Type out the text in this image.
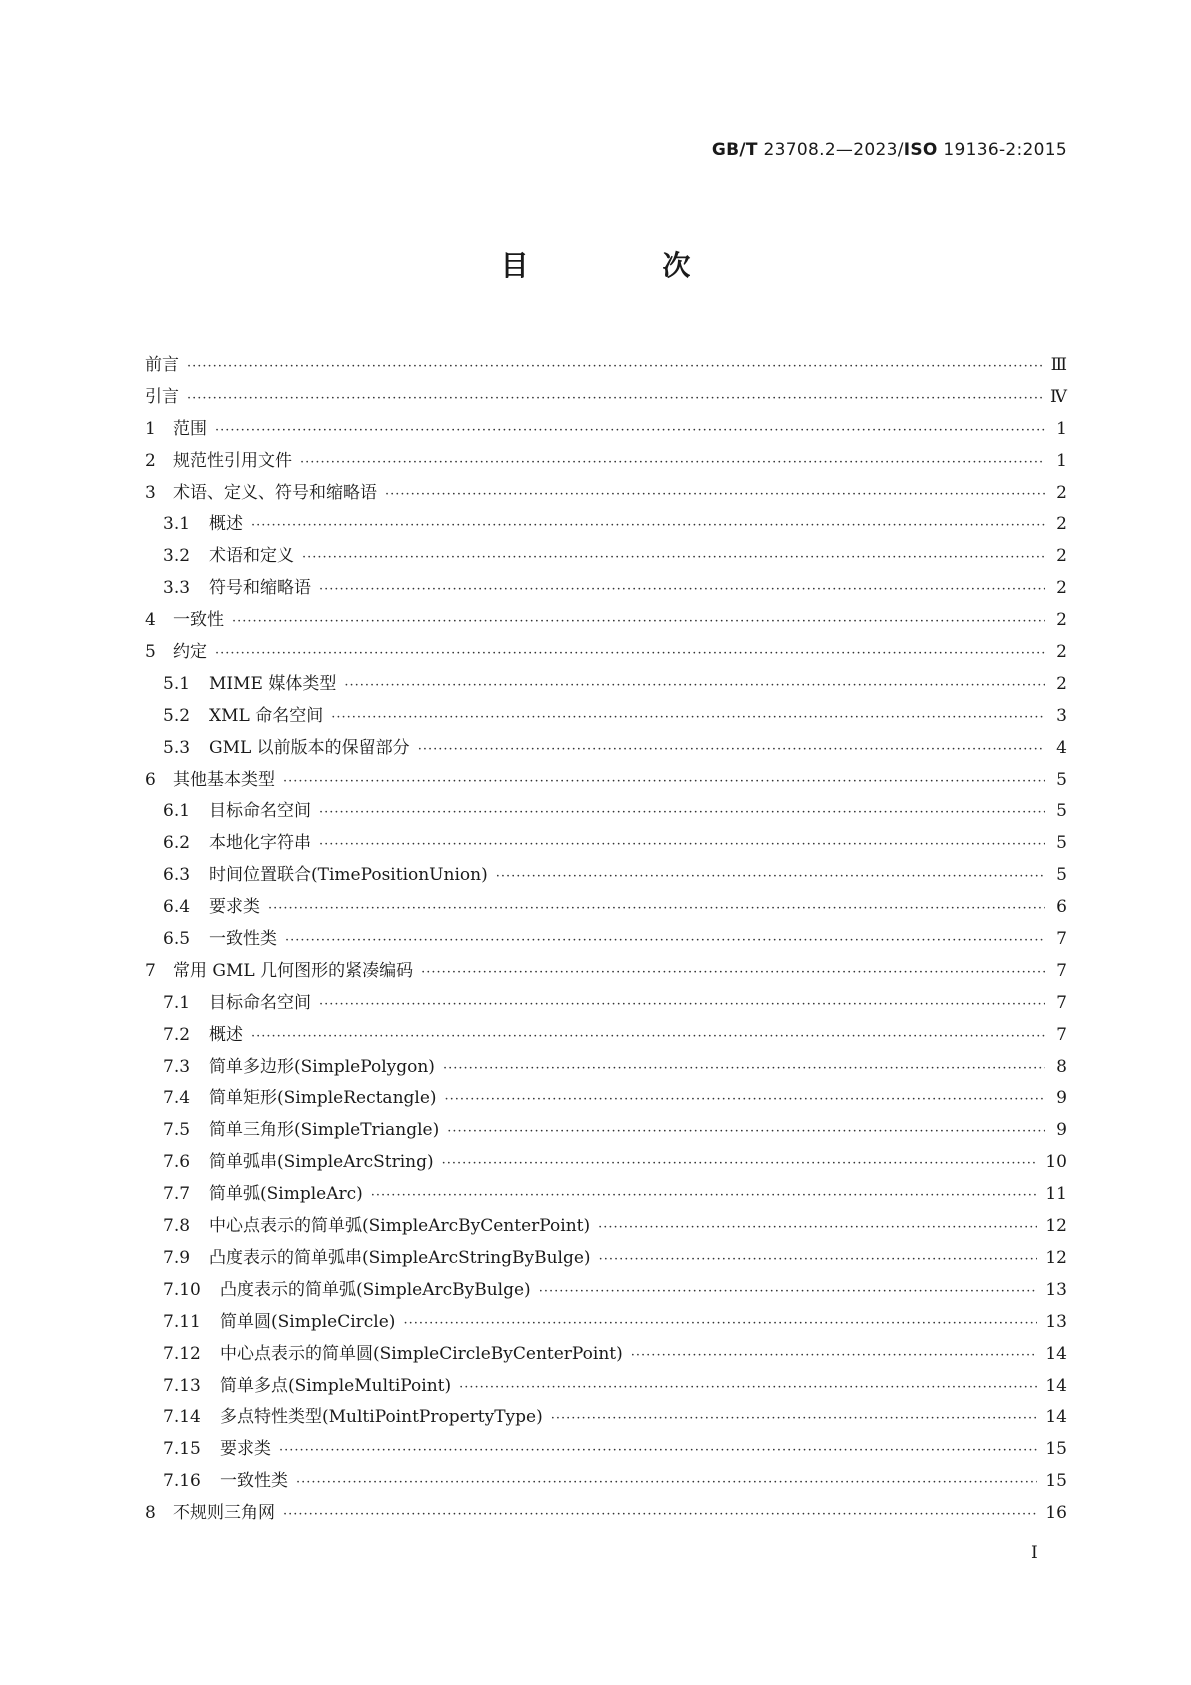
GB/T 23708.2—2023/ISO 19136-2:2015
目 次
前言 ·····	Ⅲ
引言 ·····	Ⅳ
1	范围 ·····	1
2	规范性引用文件 ·····	1
3	术语、定义、符号和缩略语 ·····	2
3.1	概述 ·····	2
3.2	术语和定义 ·····	2
3.3	符号和缩略语 ·····	2
4	一致性 ·····	2
5	约定 ·····	2
5.1	MIME 媒体类型 ·····	2
5.2	XML 命名空间 ·····	3
5.3	GML 以前版本的保留部分 ·····	4
6	其他基本类型 ·····	5
6.1	目标命名空间 ·····	5
6.2	本地化字符串 ·····	5
6.3	时间位置联合(TimePositionUnion) ·····	5
6.4	要求类 ·····	6
6.5	一致性类 ·····	7
7	常用 GML 几何图形的紧凑编码 ·····	7
7.1	目标命名空间 ·····	7
7.2	概述 ·····	7
7.3	简单多边形(SimplePolygon) ·····	8
7.4	简单矩形(SimpleRectangle) ·····	9
7.5	简单三角形(SimpleTriangle) ·····	9
7.6	简单弧串(SimpleArcString) ·····	10
7.7	简单弧(SimpleArc) ·····	11
7.8	中心点表示的简单弧(SimpleArcByCenterPoint) ·····	12
7.9	凸度表示的简单弧串(SimpleArcStringByBulge) ·····	12
7.10	凸度表示的简单弧(SimpleArcByBulge) ·····	13
7.11	简单圆(SimpleCircle) ·····	13
7.12	中心点表示的简单圆(SimpleCircleByCenterPoint) ·····	14
7.13	简单多点(SimpleMultiPoint) ·····	14
7.14	多点特性类型(MultiPointPropertyType) ·····	14
7.15	要求类 ·····	15
7.16	一致性类 ·····	15
8	不规则三角网 ·····	16
Ⅰ
